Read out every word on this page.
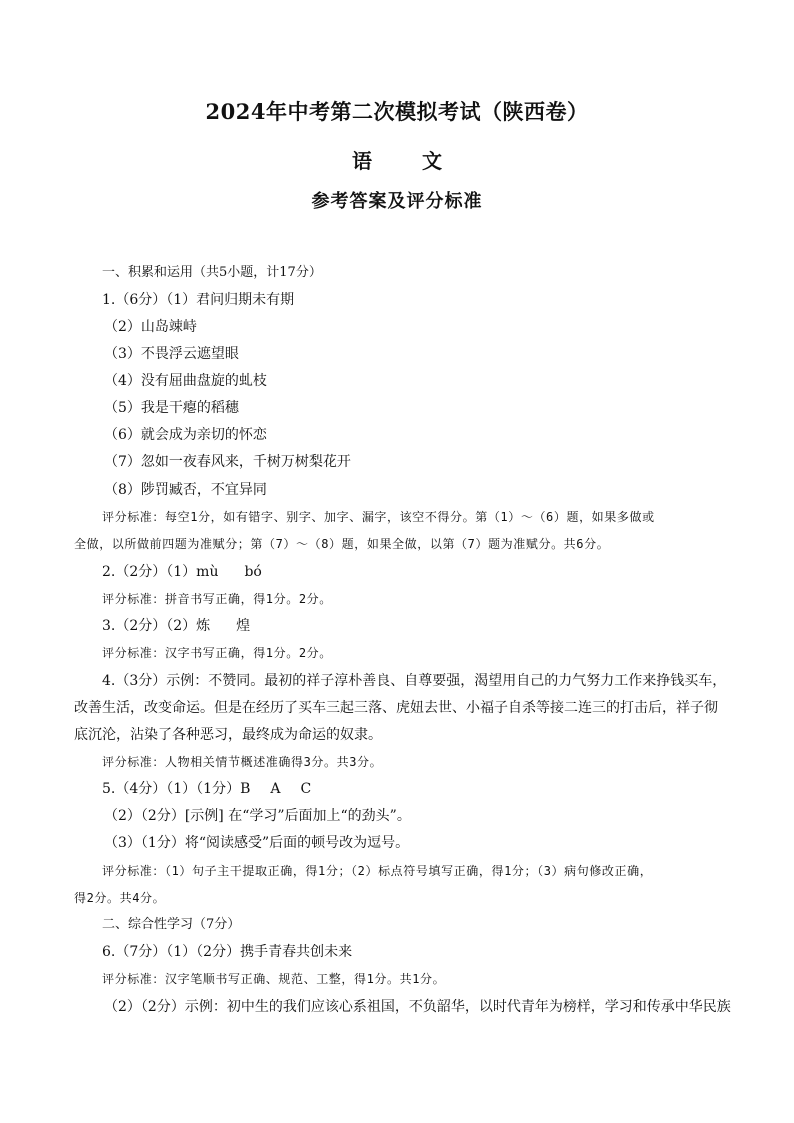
2024年中考第二次模拟考试（陕西卷）
语	文
参考答案及评分标准
一、积累和运用（共5小题，计17分）
1.（6分）（1）君问归期未有期
（2）山岛竦峙
（3）不畏浮云遮望眼
（4）没有屈曲盘旋的虬枝
（5）我是干瘪的稻穗
（6）就会成为亲切的怀恋
（7）忽如一夜春风来，千树万树梨花开
（8）陟罚臧否，不宜异同
评分标准：每空1分，如有错字、别字、加字、漏字，该空不得分。第（1）～（6）题，如果多做或
全做，以所做前四题为准赋分；第（7）～（8）题，如果全做，以第（7）题为准赋分。共6分。
2.（2分）（1）mù bó
评分标准：拼音书写正确，得1分。2分。
3.（2分）（2）炼 煌
评分标准：汉字书写正确，得1分。2分。
4.（3分）示例：不赞同。最初的祥子淳朴善良、自尊要强，渴望用自己的力气努力工作来挣钱买车，
改善生活，改变命运。但是在经历了买车三起三落、虎妞去世、小福子自杀等接二连三的打击后，祥子彻
底沉沦，沾染了各种恶习，最终成为命运的奴隶。
评分标准：人物相关情节概述准确得3分。共3分。
5.（4分）（1）（1分）B A C
（2）（2分）[示例] 在“学习”后面加上“的劲头”。
（3）（1分）将“阅读感受”后面的顿号改为逗号。
评分标准：（1）句子主干提取正确，得1分；（2）标点符号填写正确，得1分；（3）病句修改正确，
得2分。共4分。
二、综合性学习（7分）
6.（7分）（1）（2分）携手青春共创未来
评分标准：汉字笔顺书写正确、规范、工整，得1分。共1分。
（2）（2分）示例：初中生的我们应该心系祖国，不负韶华，以时代青年为榜样，学习和传承中华民族
